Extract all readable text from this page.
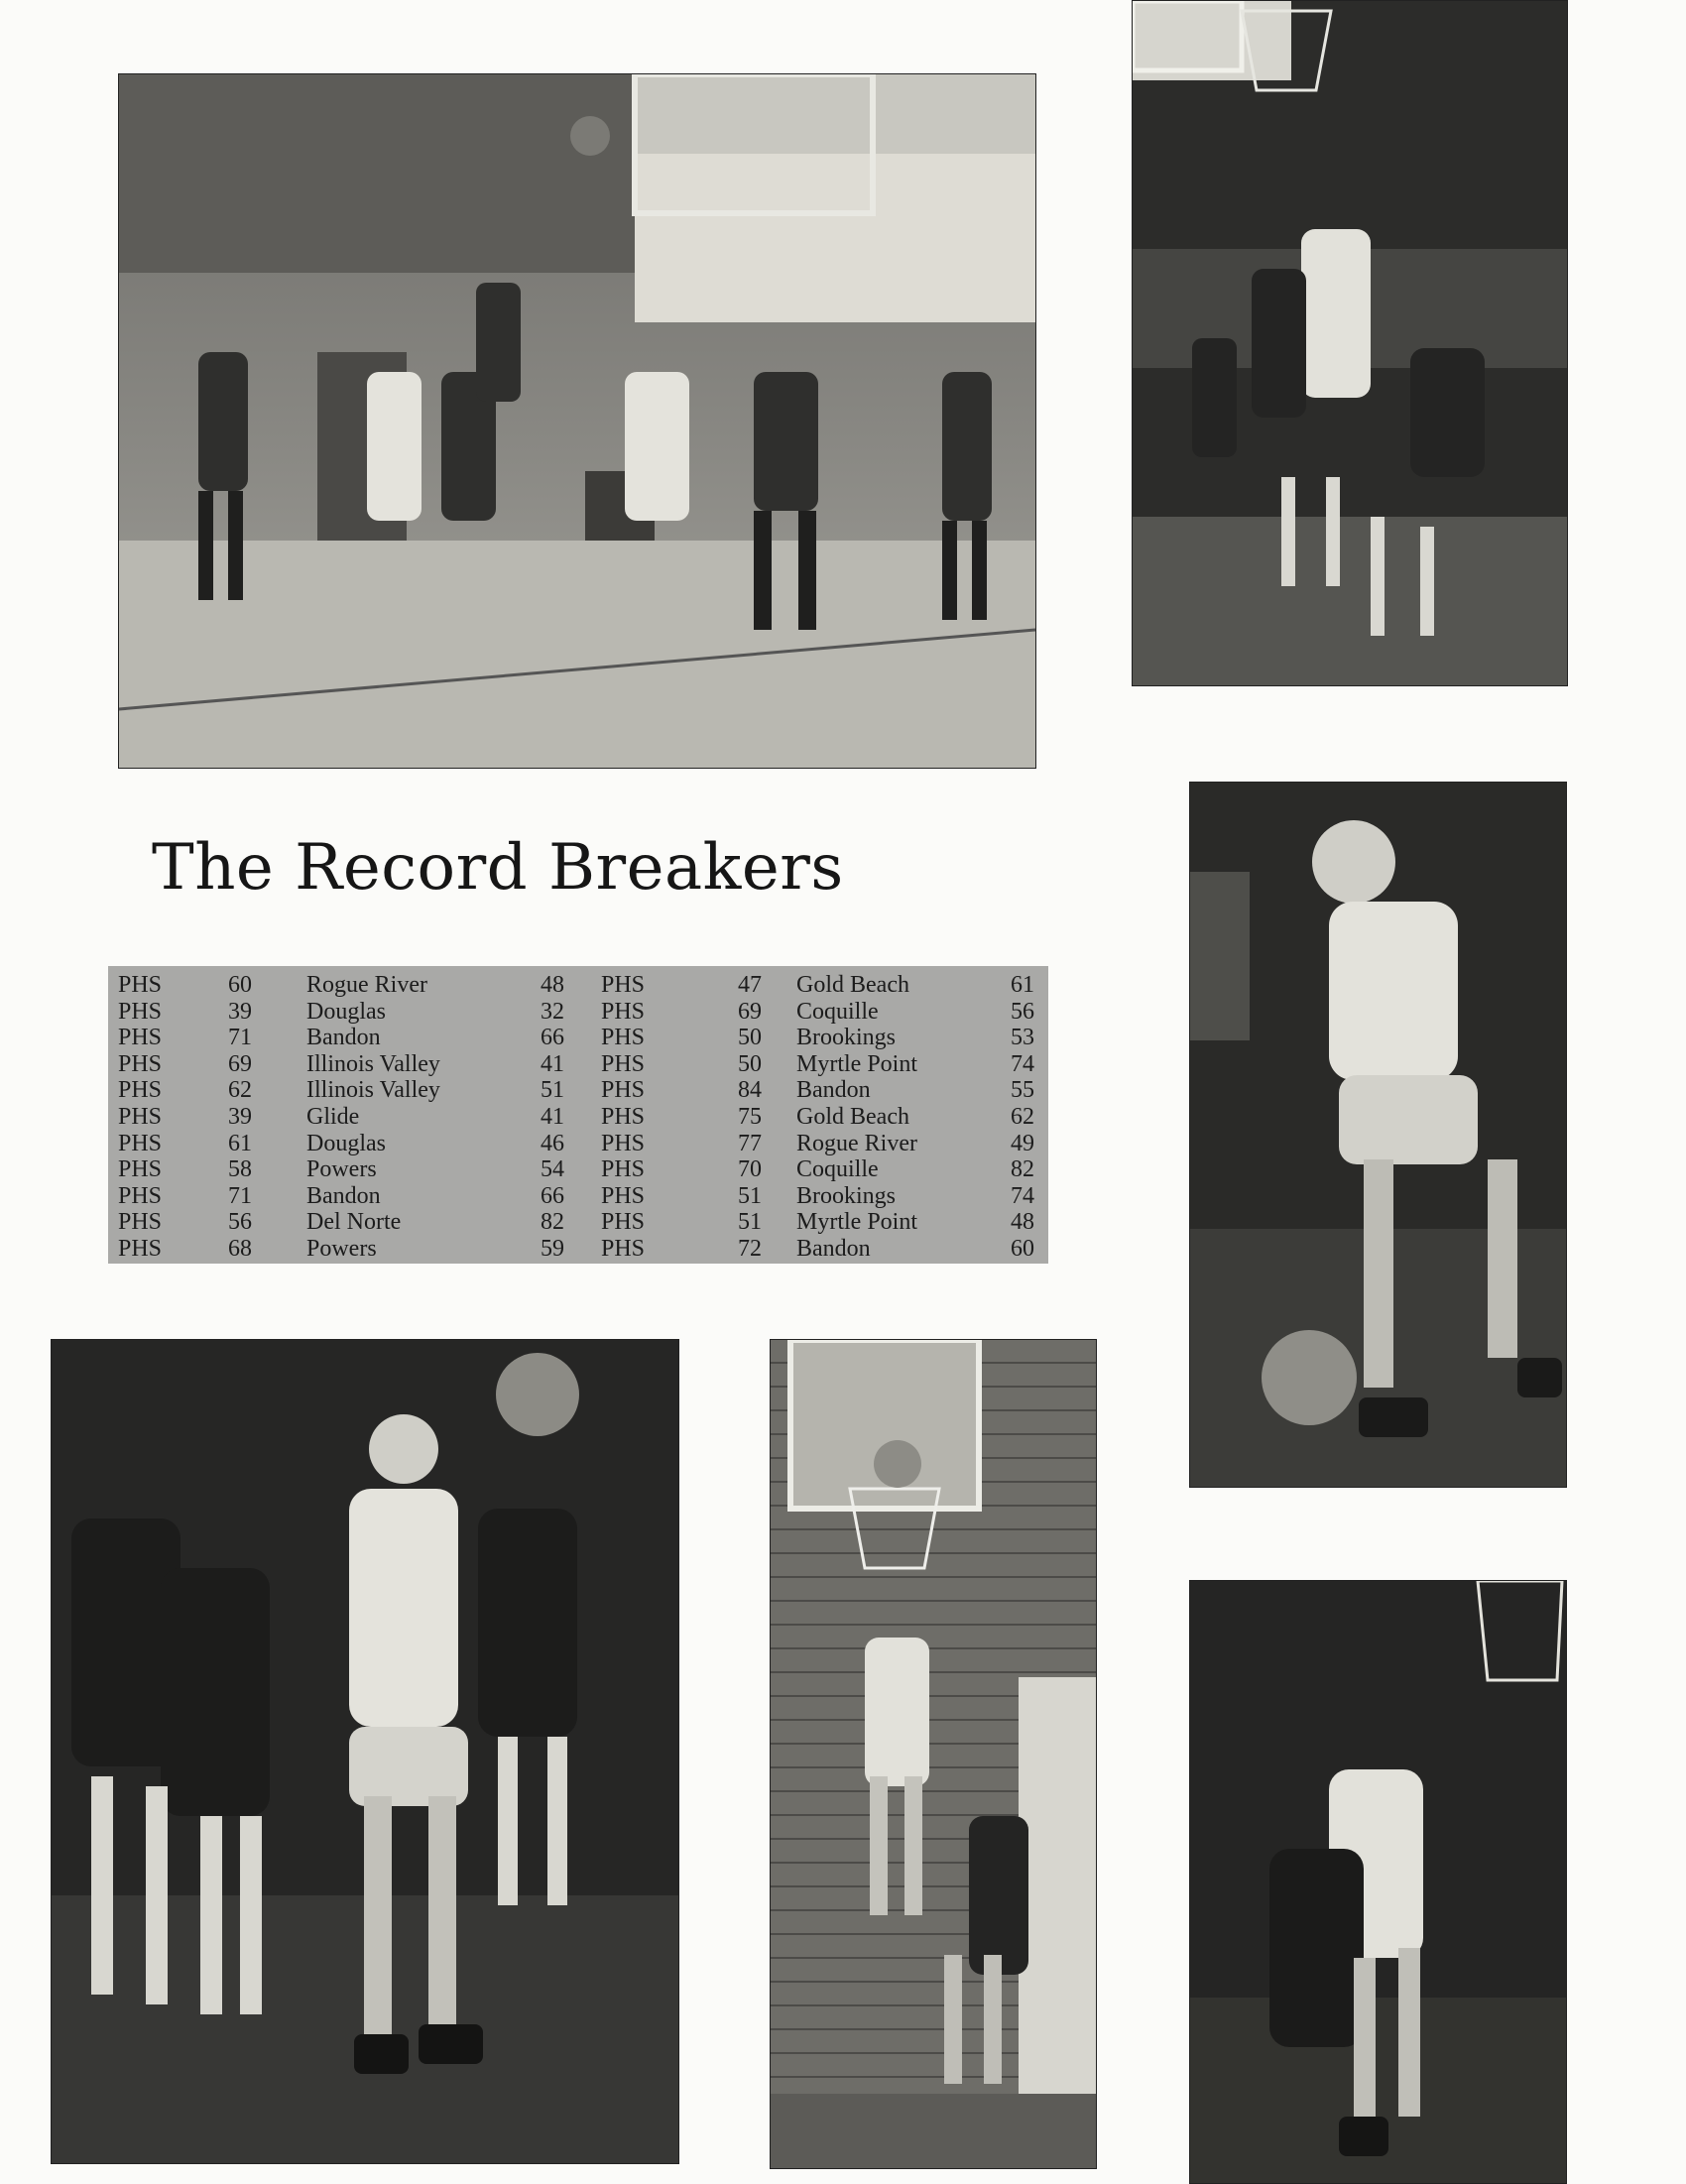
The Record Breakers
PHS	60 Rogue River	48
PHS	39 Douglas	32
PHS	71 Bandon	66
PHS	69 Illinois Valley	41
PHS	62 Illinois Valley	51
PHS	39 Glide	41
PHS	61 Douglas	46
PHS	58 Powers	54
PHS	71 Bandon	66
PHS	56 Del Norte	82
PHS	68 Powers	59
PHS	47 Gold Beach	61
PHS	69 Coquille	56
PHS	50 Brookings	53
PHS	50 Myrtle Point	74
PHS	84 Bandon	55
PHS	75 Gold Beach	62
PHS	77 Rogue River	49
PHS	70 Coquille	82
PHS	51 Brookings	74
PHS	51 Myrtle Point	48
PHS	72 Bandon	60
